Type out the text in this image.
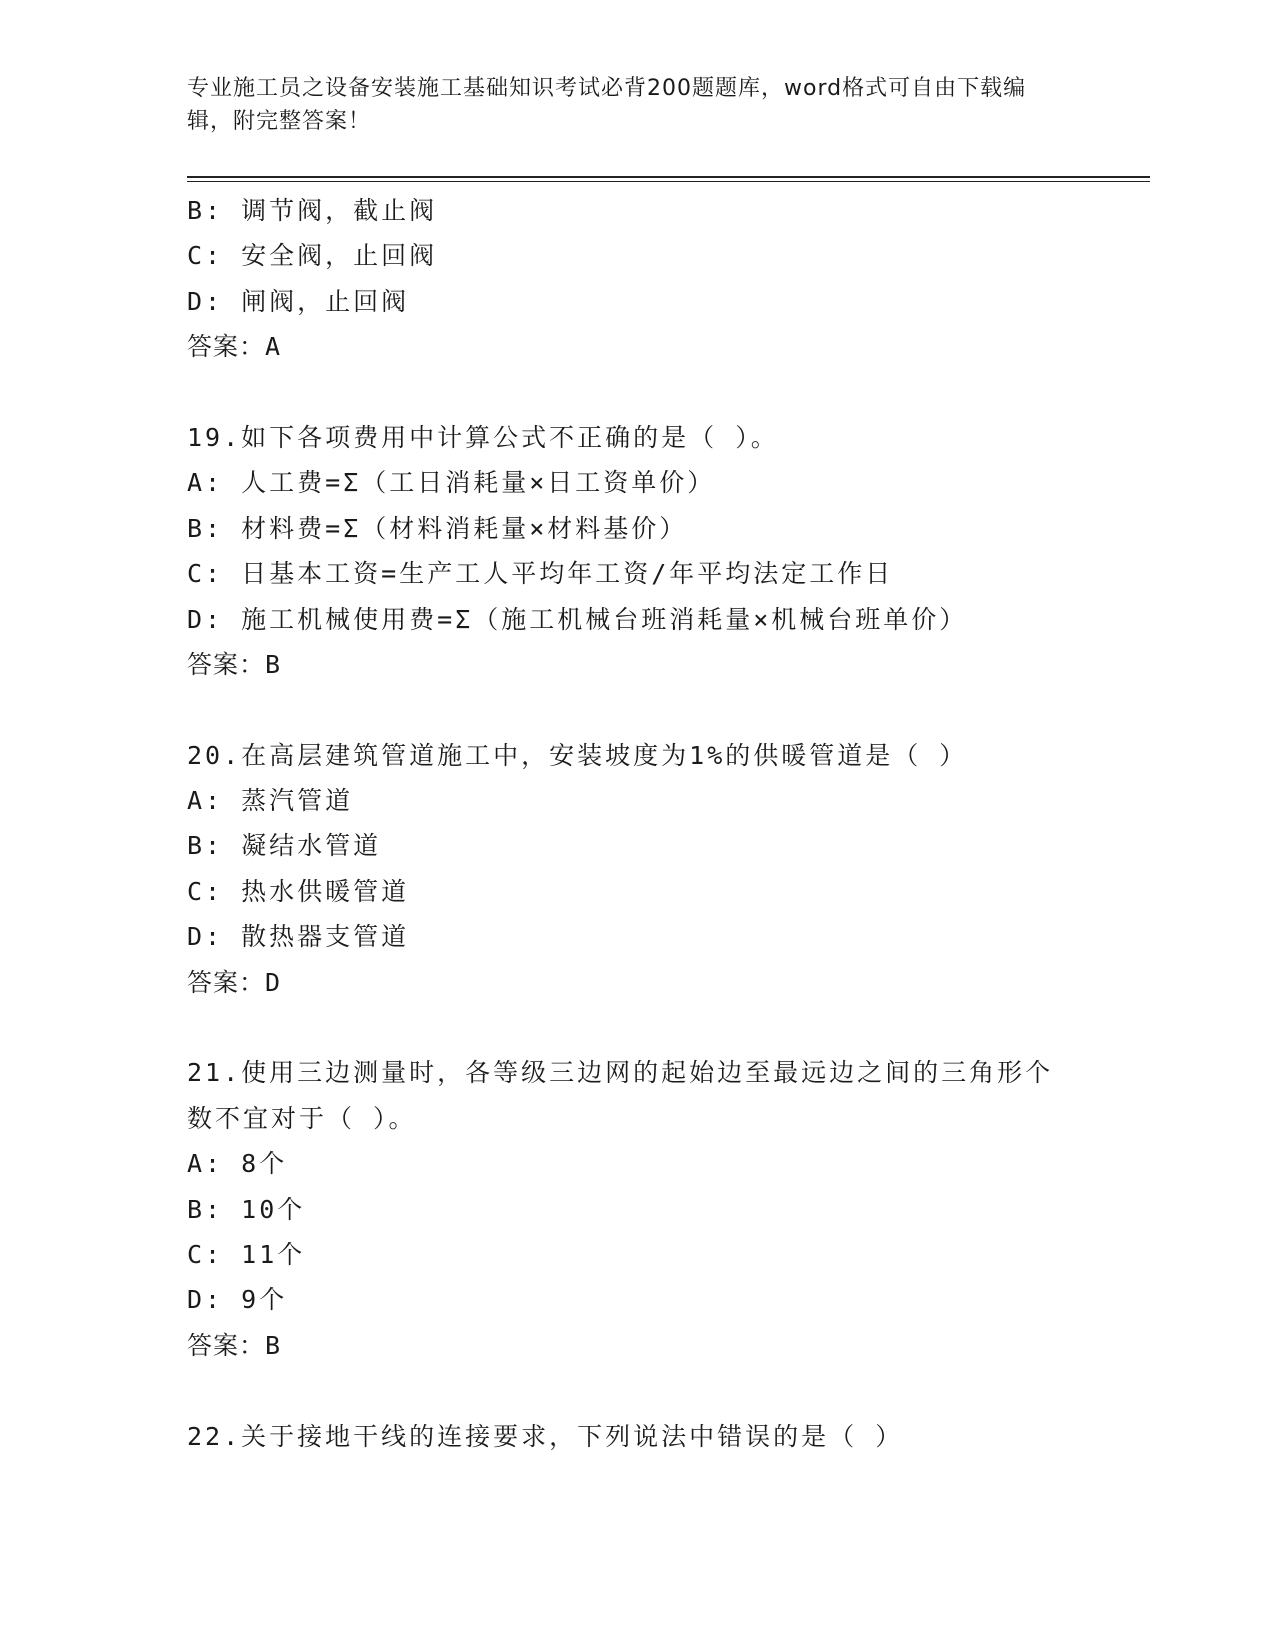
专业施工员之设备安装施工基础知识考试必背200题题库，word格式可自由下载编辑，附完整答案！
B: 调节阀，截止阀
C: 安全阀，止回阀
D: 闸阀，止回阀
答案：A
19.如下各项费用中计算公式不正确的是（ ）。
A: 人工费=Σ（工日消耗量×日工资单价）
B: 材料费=Σ（材料消耗量×材料基价）
C: 日基本工资=生产工人平均年工资/年平均法定工作日
D: 施工机械使用费=Σ（施工机械台班消耗量×机械台班单价）
答案：B
20.在高层建筑管道施工中，安装坡度为1%的供暖管道是（ ）
A: 蒸汽管道
B: 凝结水管道
C: 热水供暖管道
D: 散热器支管道
答案：D
21.使用三边测量时，各等级三边网的起始边至最远边之间的三角形个数不宜对于（ ）。
A: 8个
B: 10个
C: 11个
D: 9个
答案：B
22.关于接地干线的连接要求，下列说法中错误的是（ ）
